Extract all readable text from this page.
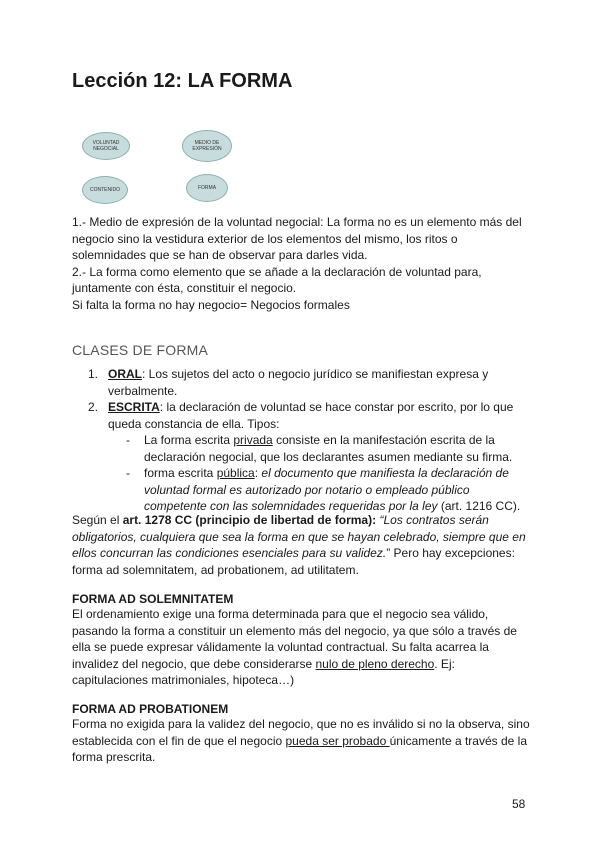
Lección 12: LA FORMA
VOLUNTAD NEGOCIAL
MEDIO DE EXPRESIÓN
CONTENIDO	FORMA
1.- Medio de expresión de la voluntad negocial: La forma no es un elemento más del negocio sino la vestidura exterior de los elementos del mismo, los ritos o solemnidades que se han de observar para darles vida.
2.- La forma como elemento que se añade a la declaración de voluntad para, juntamente con ésta, constituir el negocio.
Si falta la forma no hay negocio= Negocios formales
CLASES DE FORMA
1. ORAL: Los sujetos del acto o negocio jurídico se manifiestan expresa y verbalmente.
2. ESCRITA: la declaración de voluntad se hace constar por escrito, por lo que queda constancia de ella. Tipos:
- La forma escrita privada consiste en la manifestación escrita de la declaración negocial, que los declarantes asumen mediante su firma.
- forma escrita pública: el documento que manifiesta la declaración de voluntad formal es autorizado por notario o empleado público competente con las solemnidades requeridas por la ley (art. 1216 CC).
Según el art. 1278 CC (principio de libertad de forma): “Los contratos serán obligatorios, cualquiera que sea la forma en que se hayan celebrado, siempre que en ellos concurran las condiciones esenciales para su validez.” Pero hay excepciones: forma ad solemnitatem, ad probationem, ad utilitatem.
FORMA AD SOLEMNITATEM
El ordenamiento exige una forma determinada para que el negocio sea válido, pasando la forma a constituir un elemento más del negocio, ya que sólo a través de ella se puede expresar válidamente la voluntad contractual. Su falta acarrea la invalidez del negocio, que debe considerarse nulo de pleno derecho. Ej: capitulaciones matrimoniales, hipoteca…)
FORMA AD PROBATIONEM
Forma no exigida para la validez del negocio, que no es inválido si no la observa, sino establecida con el fin de que el negocio pueda ser probado únicamente a través de la forma prescrita.
58
